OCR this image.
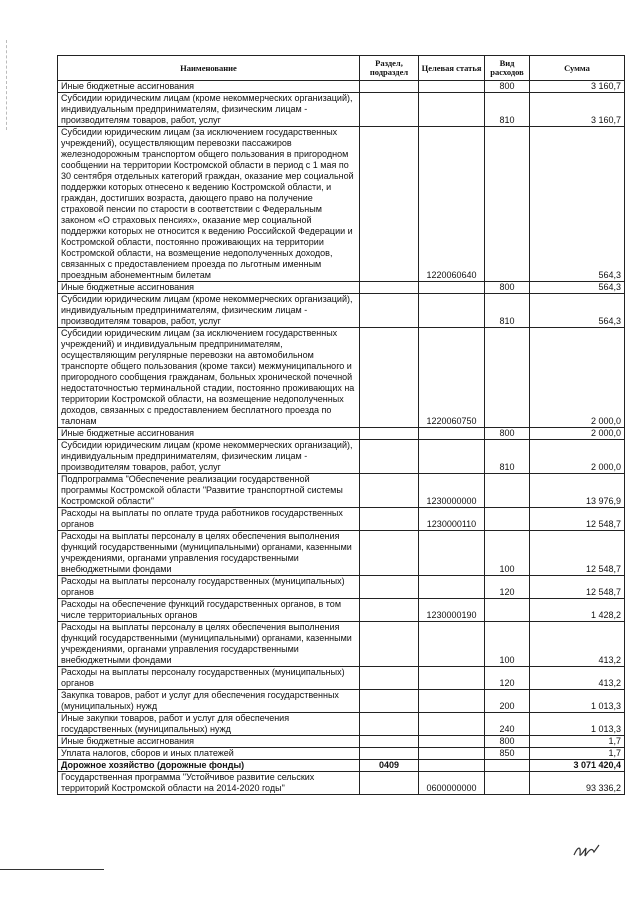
Наименование	Раздел, подраздел	Целевая статья	Вид расходов	Сумма
Иные бюджетные ассигнования			800	3 160,7
Субсидии юридическим лицам (кроме некоммерческих организаций), индивидуальным предпринимателям, физическим лицам - производителям товаров, работ, услуг			810	3 160,7
Субсидии юридическим лицам (за исключением государственных учреждений), осуществляющим перевозки пассажиров железнодорожным транспортом общего пользования в пригородном сообщении на территории Костромской области в период с 1 мая по 30 сентября отдельных категорий граждан, оказание мер социальной поддержки которых отнесено к ведению Костромской области, и граждан, достигших возраста, дающего право на получение страховой пенсии по старости в соответствии с Федеральным законом «О страховых пенсиях», оказание мер социальной поддержки которых не относится к ведению Российской Федерации и Костромской области, постоянно проживающих на территории Костромской области, на возмещение недополученных доходов, связанных с предоставлением проезда по льготным именным проездным абонементным билетам		1220060640		564,3
Иные бюджетные ассигнования			800	564,3
Субсидии юридическим лицам (кроме некоммерческих организаций), индивидуальным предпринимателям, физическим лицам - производителям товаров, работ, услуг			810	564,3
Субсидии юридическим лицам (за исключением государственных учреждений) и индивидуальным предпринимателям, осуществляющим регулярные перевозки на автомобильном транспорте общего пользования (кроме такси) межмуниципального и пригородного сообщения гражданам, больных хронической почечной недостаточностью терминальной стадии, постоянно проживающих на территории Костромской области, на возмещение недополученных доходов, связанных с предоставлением бесплатного проезда по талонам		1220060750		2 000,0
Иные бюджетные ассигнования			800	2 000,0
Субсидии юридическим лицам (кроме некоммерческих организаций), индивидуальным предпринимателям, физическим лицам - производителям товаров, работ, услуг			810	2 000,0
Подпрограмма "Обеспечение реализации государственной программы Костромской области "Развитие транспортной системы Костромской области"		1230000000		13 976,9
Расходы на выплаты по оплате труда работников государственных органов		1230000110		12 548,7
Расходы на выплаты персоналу в целях обеспечения выполнения функций государственными (муниципальными) органами, казенными учреждениями, органами управления государственными внебюджетными фондами			100	12 548,7
Расходы на выплаты персоналу государственных (муниципальных) органов			120	12 548,7
Расходы на обеспечение функций государственных органов, в том числе территориальных органов		1230000190		1 428,2
Расходы на выплаты персоналу в целях обеспечения выполнения функций государственными (муниципальными) органами, казенными учреждениями, органами управления государственными внебюджетными фондами			100	413,2
Расходы на выплаты персоналу государственных (муниципальных) органов			120	413,2
Закупка товаров, работ и услуг для обеспечения государственных (муниципальных) нужд			200	1 013,3
Иные закупки товаров, работ и услуг для обеспечения государственных (муниципальных) нужд			240	1 013,3
Иные бюджетные ассигнования			800	1,7
Уплата налогов, сборов и иных платежей			850	1,7
Дорожное хозяйство (дорожные фонды)	0409			3 071 420,4
Государственная программа "Устойчивое развитие сельских территорий Костромской области на 2014-2020 годы"		0600000000		93 336,2
